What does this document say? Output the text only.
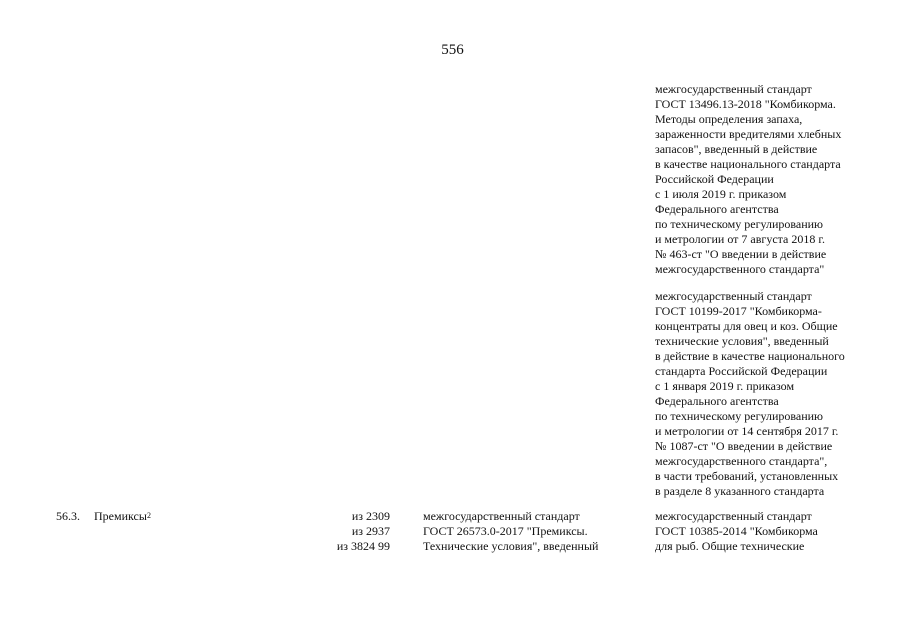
556
межгосударственный стандарт
ГОСТ 13496.13-2018 "Комбикорма.
Методы определения запаха,
зараженности вредителями хлебных
запасов", введенный в действие
в качестве национального стандарта
Российской Федерации
с 1 июля 2019 г. приказом
Федерального агентства
по техническому регулированию
и метрологии от 7 августа 2018 г.
№ 463-ст "О введении в действие
межгосударственного стандарта"
межгосударственный стандарт
ГОСТ 10199-2017 "Комбикорма-
концентраты для овец и коз. Общие
технические условия", введенный
в действие в качестве национального
стандарта Российской Федерации
с 1 января 2019 г. приказом
Федерального агентства
по техническому регулированию
и метрологии от 14 сентября 2017 г.
№ 1087-ст "О введении в действие
межгосударственного стандарта",
в части требований, установленных
в разделе 8 указанного стандарта
56.3. Премиксы$^2$	из 2309
из 2937
из 3824 99
межгосударственный стандарт
ГОСТ 26573.0-2017 "Премиксы.
Технические условия", введенный
межгосударственный стандарт
ГОСТ 10385-2014 "Комбикорма
для рыб. Общие технические
